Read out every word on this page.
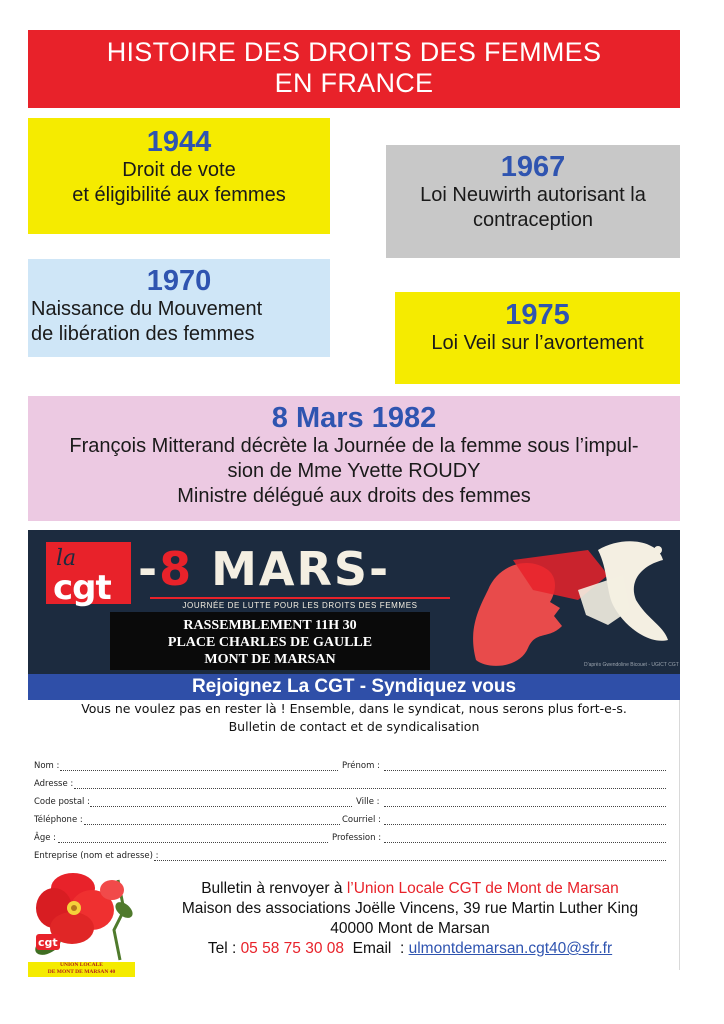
HISTOIRE DES DROITS DES FEMMES
EN FRANCE
1944
Droit de vote
et éligibilité aux femmes
1967
Loi Neuwirth autorisant la
contraception
1970
Naissance du Mouvement
de libération des femmes
1975
Loi Veil sur l’avortement
8 Mars 1982
François Mitterand décrète la Journée de la femme sous l’impul-
sion de Mme Yvette ROUDY
Ministre délégué aux droits des femmes
la
cgt -8 MARS-
JOURNÉE DE LUTTE POUR LES DROITS DES FEMMES
RASSEMBLEMENT 11H 30
PLACE CHARLES DE GAULLE
MONT DE MARSAN	D'après Gwendoline Bicouet - UGICT CGT
Rejoignez La CGT - Syndiquez vous
Vous ne voulez pas en rester là ! Ensemble, dans le syndicat, nous serons plus fort-e-s.
Bulletin de contact et de syndicalisation
Nom :	Prénom :
Adresse :
Code postal :	Ville :
Téléphone :	Courriel :
Âge :	Profession :
Entreprise (nom et adresse) :
cgt
UNION LOCALE
DE MONT DE MARSAN 40
Bulletin à renvoyer à l’Union Locale CGT de Mont de Marsan
Maison des associations Joëlle Vincens, 39 rue Martin Luther King
40000 Mont de Marsan
Tel : 05 58 75 30 08  Email  : ulmontdemarsan.cgt40@sfr.fr
